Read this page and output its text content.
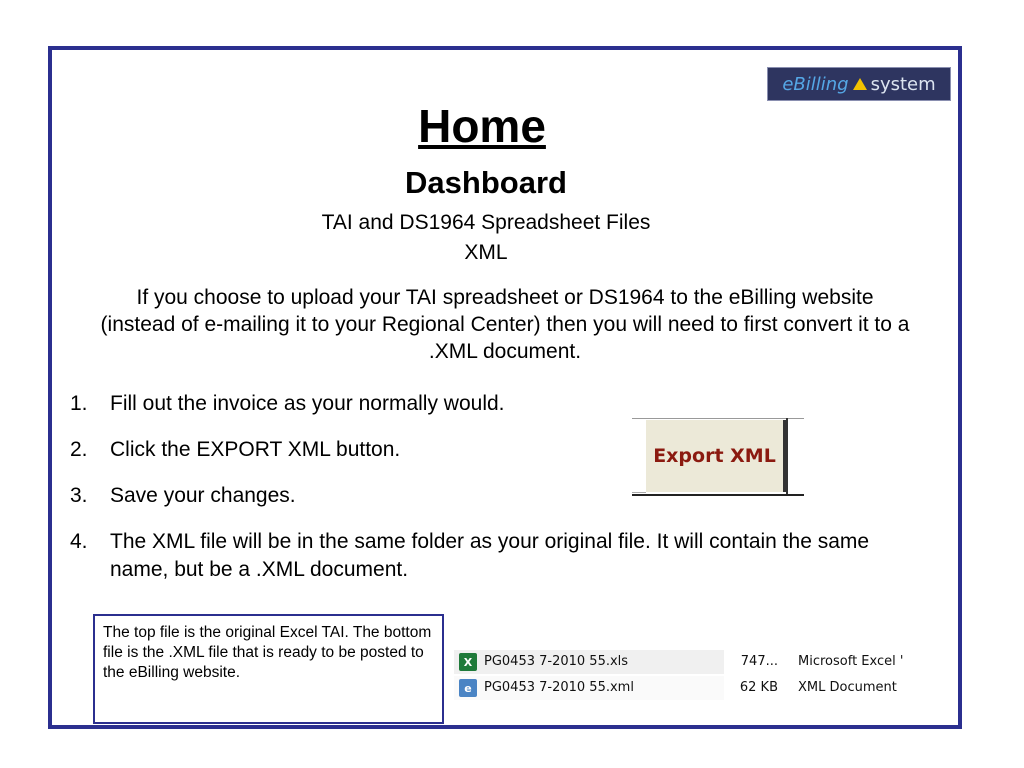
eBilling system
Home
Dashboard
TAI and DS1964 Spreadsheet Files
XML
If you choose to upload your TAI spreadsheet or DS1964 to the eBilling website (instead of e-mailing it to your Regional Center) then you will need to first convert it to a .XML document.
1.	Fill out the invoice as your normally would.
2.	Click the EXPORT XML button.
3.	Save your changes.
4.	The XML file will be in the same folder as your original file. It will contain the same name, but be a .XML document.
Export XML
The top file is the original Excel TAI. The bottom file is the .XML file that is ready to be posted to the eBilling website.
X PG0453 7-2010 55.xls	747... Microsoft Excel '
e PG0453 7-2010 55.xml	62 KB XML Document
